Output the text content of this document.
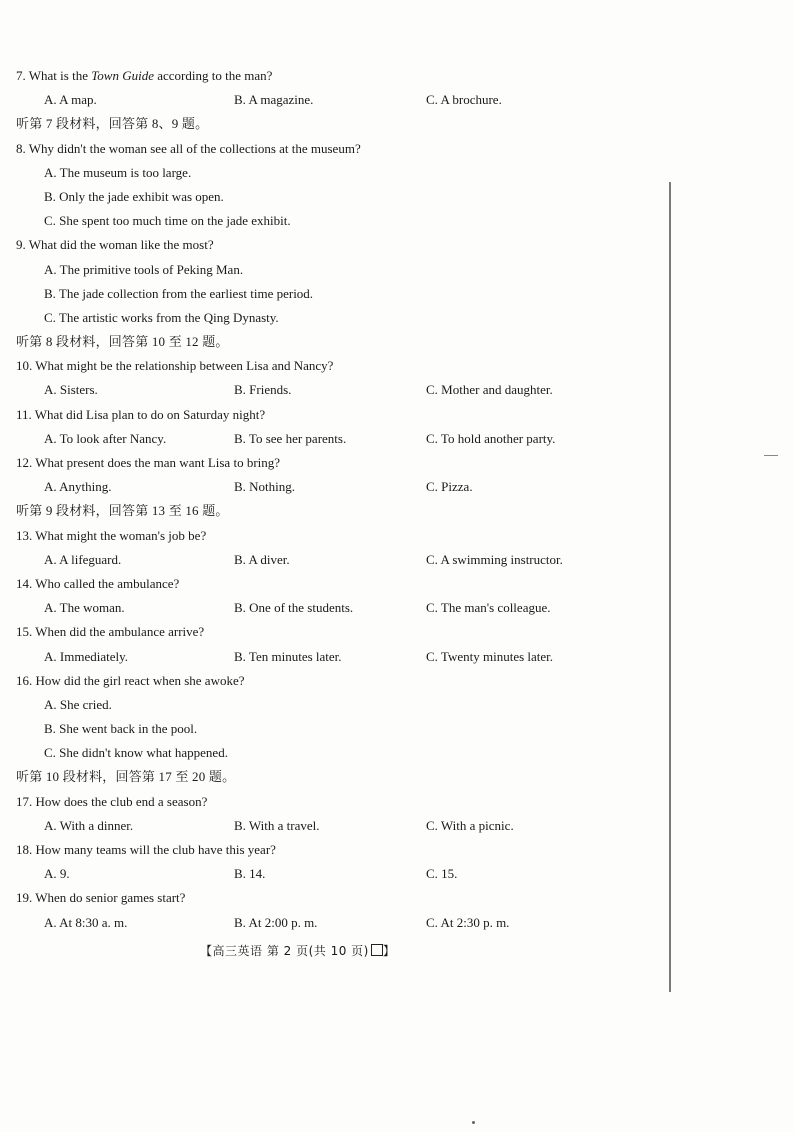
7. What is the Town Guide according to the man?
A. A map.	B. A magazine.	C. A brochure.
听第 7 段材料，回答第 8、9 题。
8. Why didn't the woman see all of the collections at the museum?
A. The museum is too large.
B. Only the jade exhibit was open.
C. She spent too much time on the jade exhibit.
9. What did the woman like the most?
A. The primitive tools of Peking Man.
B. The jade collection from the earliest time period.
C. The artistic works from the Qing Dynasty.
听第 8 段材料，回答第 10 至 12 题。
10. What might be the relationship between Lisa and Nancy?
A. Sisters.	B. Friends.	C. Mother and daughter.
11. What did Lisa plan to do on Saturday night?
A. To look after Nancy.	B. To see her parents.	C. To hold another party.
12. What present does the man want Lisa to bring?
A. Anything.	B. Nothing.	C. Pizza.
听第 9 段材料，回答第 13 至 16 题。
13. What might the woman's job be?
A. A lifeguard.	B. A diver.	C. A swimming instructor.
14. Who called the ambulance?
A. The woman.	B. One of the students.	C. The man's colleague.
15. When did the ambulance arrive?
A. Immediately.	B. Ten minutes later.	C. Twenty minutes later.
16. How did the girl react when she awoke?
A. She cried.
B. She went back in the pool.
C. She didn't know what happened.
听第 10 段材料，回答第 17 至 20 题。
17. How does the club end a season?
A. With a dinner.	B. With a travel.	C. With a picnic.
18. How many teams will the club have this year?
A. 9.	B. 14.	C. 15.
19. When do senior games start?
A. At 8:30 a. m.	B. At 2:00 p. m.	C. At 2:30 p. m.
【高三英语 第 2 页(共 10 页) 】
